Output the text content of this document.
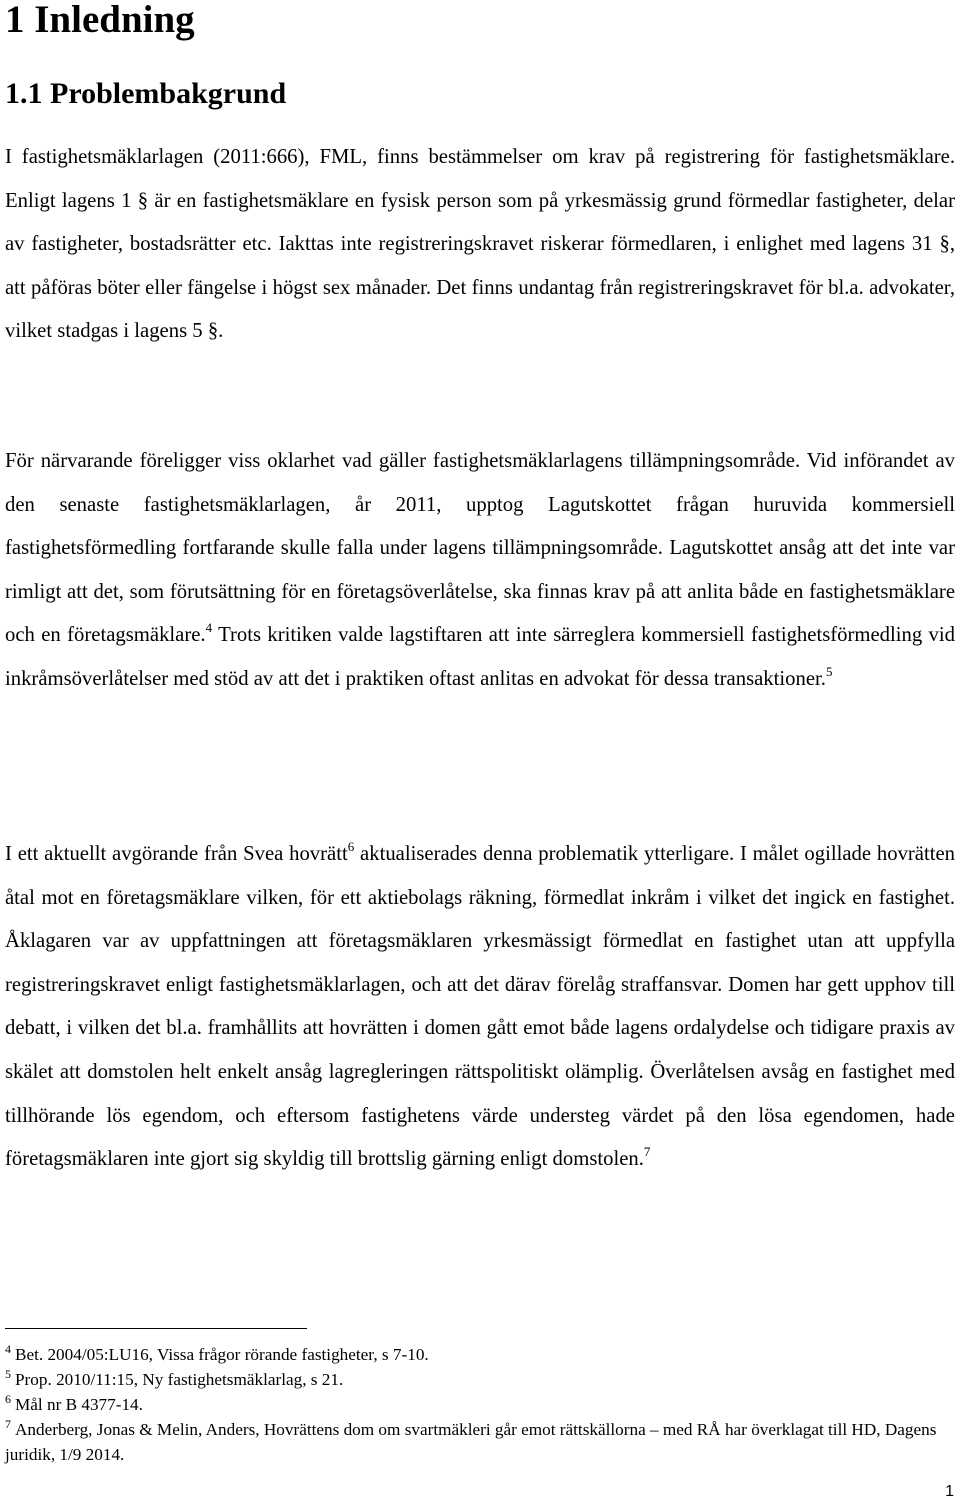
1 Inledning
1.1 Problembakgrund

I fastighetsmäklarlagen (2011:666), FML, finns bestämmelser om krav på registrering för fastighetsmäklare. Enligt lagens 1 § är en fastighetsmäklare en fysisk person som på yrkesmässig grund förmedlar fastigheter, delar av fastigheter, bostadsrätter etc. Iakttas inte registreringskravet riskerar förmedlaren, i enlighet med lagens 31 §, att påföras böter eller fängelse i högst sex månader. Det finns undantag från registreringskravet för bl.a. advokater, vilket stadgas i lagens 5 §.

För närvarande föreligger viss oklarhet vad gäller fastighetsmäklarlagens tillämpningsområde. Vid införandet av den senaste fastighetsmäklarlagen, år 2011, upptog Lagutskottet frågan huruvida kommersiell fastighetsförmedling fortfarande skulle falla under lagens tillämpningsområde. Lagutskottet ansåg att det inte var rimligt att det, som förutsättning för en företagsöverlåtelse, ska finnas krav på att anlita både en fastighetsmäklare och en företagsmäklare.$^4$ Trots kritiken valde lagstiftaren att inte särreglera kommersiell fastighetsförmedling vid inkråmsöverlåtelser med stöd av att det i praktiken oftast anlitas en advokat för dessa transaktioner.$^5$

I ett aktuellt avgörande från Svea hovrätt$^6$ aktualiserades denna problematik ytterligare. I målet ogillade hovrätten åtal mot en företagsmäklare vilken, för ett aktiebolags räkning, förmedlat inkråm i vilket det ingick en fastighet. Åklagaren var av uppfattningen att företagsmäklaren yrkesmässigt förmedlat en fastighet utan att uppfylla registreringskravet enligt fastighetsmäklarlagen, och att det därav förelåg straffansvar. Domen har gett upphov till debatt, i vilken det bl.a. framhållits att hovrätten i domen gått emot både lagens ordalydelse och tidigare praxis av skälet att domstolen helt enkelt ansåg lagregleringen rättspolitiskt olämplig. Överlåtelsen avsåg en fastighet med tillhörande lös egendom, och eftersom fastighetens värde understeg värdet på den lösa egendomen, hade företagsmäklaren inte gjort sig skyldig till brottslig gärning enligt domstolen.$^7$

$^4$ Bet. 2004/05:LU16, Vissa frågor rörande fastigheter, s 7-10.

$^5$ Prop. 2010/11:15, Ny fastighetsmäklarlag, s 21.

$^6$ Mål nr B 4377-14.

$^7$ Anderberg, Jonas & Melin, Anders, Hovrättens dom om svartmäkleri går emot rättskällorna – med RÅ har överklagat till HD, Dagens juridik, 1/9 2014.

1
